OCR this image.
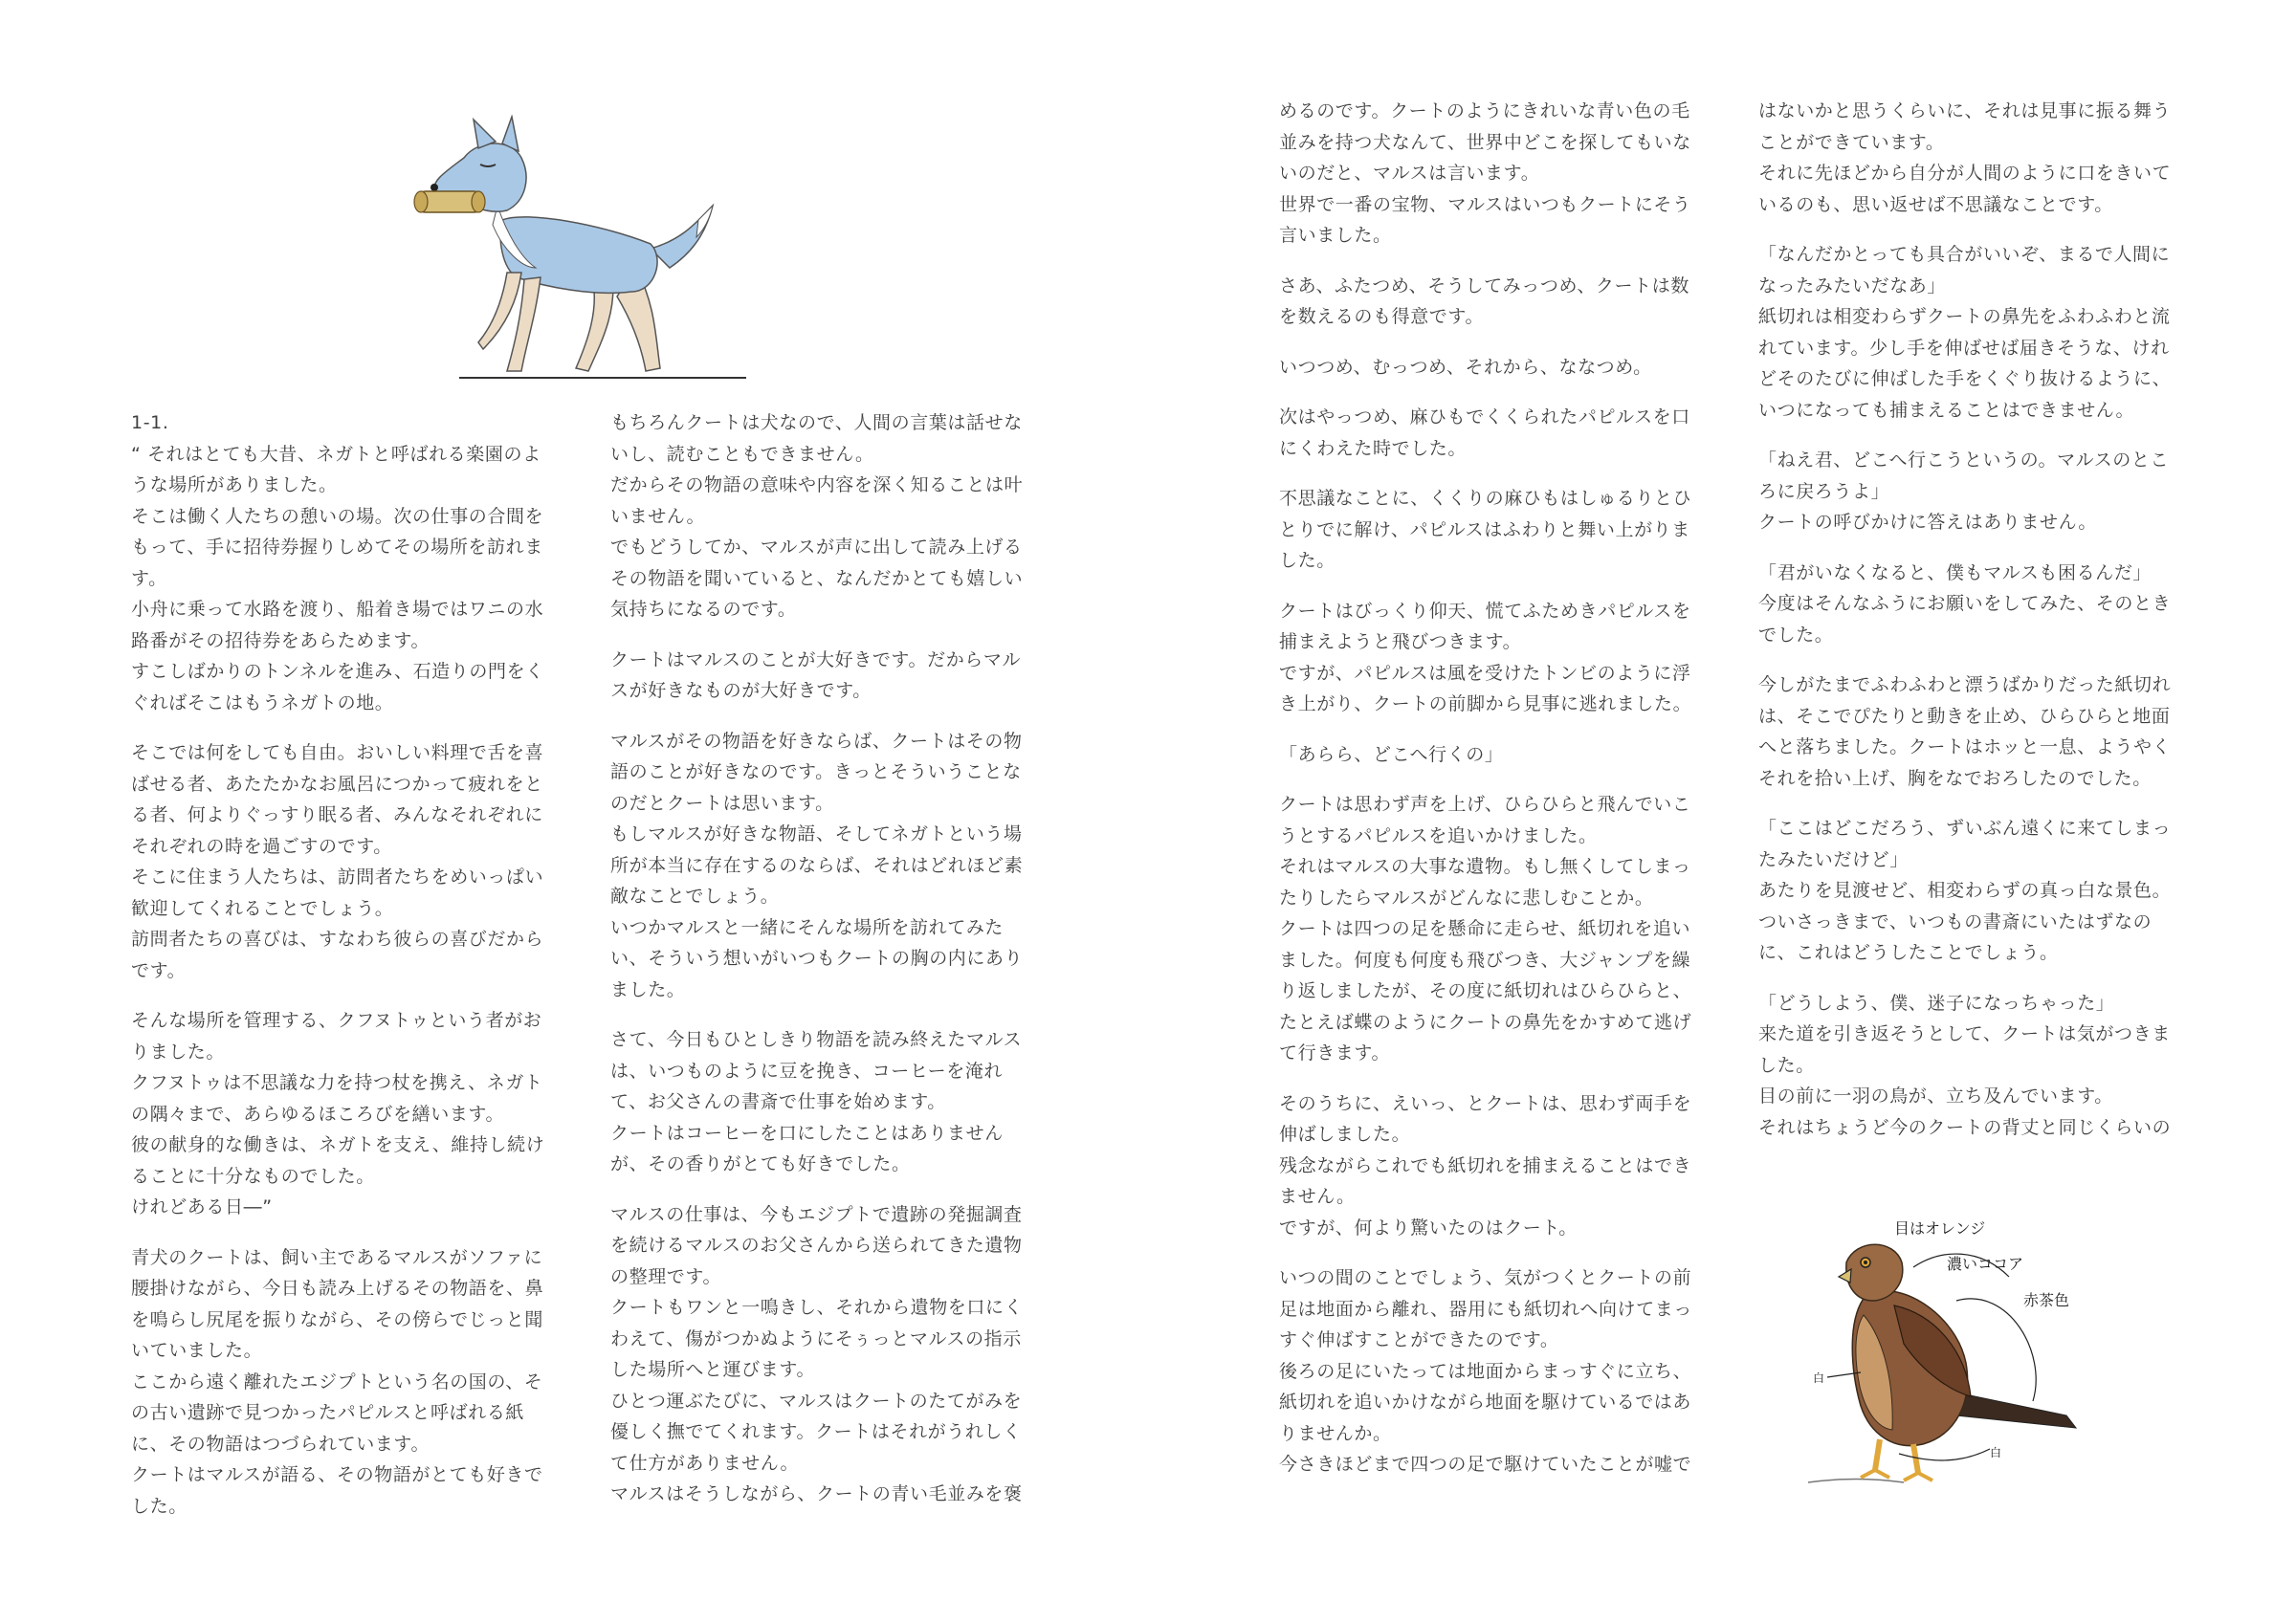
1-1.
“ それはとても大昔、ネガトと呼ばれる楽園のよ
うな場所がありました。
そこは働く人たちの憩いの場。次の仕事の合間を
もって、手に招待券握りしめてその場所を訪れま
す。
小舟に乗って水路を渡り、船着き場ではワニの水
路番がその招待券をあらためます。
すこしばかりのトンネルを進み、石造りの門をく
ぐればそこはもうネガトの地。
そこでは何をしても自由。おいしい料理で舌を喜
ばせる者、あたたかなお風呂につかって疲れをと
る者、何よりぐっすり眠る者、みんなそれぞれに
それぞれの時を過ごすのです。
そこに住まう人たちは、訪問者たちをめいっぱい
歓迎してくれることでしょう。
訪問者たちの喜びは、すなわち彼らの喜びだから
です。
そんな場所を管理する、クフヌトゥという者がお
りました。
クフヌトゥは不思議な力を持つ杖を携え、ネガト
の隅々まで、あらゆるほころびを繕います。
彼の献身的な働きは、ネガトを支え、維持し続け
ることに十分なものでした。
けれどある日―”
青犬のクートは、飼い主であるマルスがソファに
腰掛けながら、今日も読み上げるその物語を、鼻
を鳴らし尻尾を振りながら、その傍らでじっと聞
いていました。
ここから遠く離れたエジプトという名の国の、そ
の古い遺跡で見つかったパピルスと呼ばれる紙
に、その物語はつづられています。
クートはマルスが語る、その物語がとても好きで
した。
もちろんクートは犬なので、人間の言葉は話せな
いし、読むこともできません。
だからその物語の意味や内容を深く知ることは叶
いません。
でもどうしてか、マルスが声に出して読み上げる
その物語を聞いていると、なんだかとても嬉しい
気持ちになるのです。
クートはマルスのことが大好きです。だからマル
スが好きなものが大好きです。
マルスがその物語を好きならば、クートはその物
語のことが好きなのです。きっとそういうことな
のだとクートは思います。
もしマルスが好きな物語、そしてネガトという場
所が本当に存在するのならば、それはどれほど素
敵なことでしょう。
いつかマルスと一緒にそんな場所を訪れてみた
い、そういう想いがいつもクートの胸の内にあり
ました。
さて、今日もひとしきり物語を読み終えたマルス
は、いつものように豆を挽き、コーヒーを淹れ
て、お父さんの書斎で仕事を始めます。
クートはコーヒーを口にしたことはありません
が、その香りがとても好きでした。
マルスの仕事は、今もエジプトで遺跡の発掘調査
を続けるマルスのお父さんから送られてきた遺物
の整理です。
クートもワンと一鳴きし、それから遺物を口にく
わえて、傷がつかぬようにそぅっとマルスの指示
した場所へと運びます。
ひとつ運ぶたびに、マルスはクートのたてがみを
優しく撫でてくれます。クートはそれがうれしく
て仕方がありません。
マルスはそうしながら、クートの青い毛並みを褒
めるのです。クートのようにきれいな青い色の毛
並みを持つ犬なんて、世界中どこを探してもいな
いのだと、マルスは言います。
世界で一番の宝物、マルスはいつもクートにそう
言いました。
さあ、ふたつめ、そうしてみっつめ、クートは数
を数えるのも得意です。
いつつめ、むっつめ、それから、ななつめ。
次はやっつめ、麻ひもでくくられたパピルスを口
にくわえた時でした。
不思議なことに、くくりの麻ひもはしゅるりとひ
とりでに解け、パピルスはふわりと舞い上がりま
した。
クートはびっくり仰天、慌てふためきパピルスを
捕まえようと飛びつきます。
ですが、パピルスは風を受けたトンビのように浮
き上がり、クートの前脚から見事に逃れました。
「あらら、どこへ行くの」
クートは思わず声を上げ、ひらひらと飛んでいこ
うとするパピルスを追いかけました。
それはマルスの大事な遺物。もし無くしてしまっ
たりしたらマルスがどんなに悲しむことか。
クートは四つの足を懸命に走らせ、紙切れを追い
ました。何度も何度も飛びつき、大ジャンプを繰
り返しましたが、その度に紙切れはひらひらと、
たとえば蝶のようにクートの鼻先をかすめて逃げ
て行きます。
そのうちに、えいっ、とクートは、思わず両手を
伸ばしました。
残念ながらこれでも紙切れを捕まえることはでき
ません。
ですが、何より驚いたのはクート。
いつの間のことでしょう、気がつくとクートの前
足は地面から離れ、器用にも紙切れへ向けてまっ
すぐ伸ばすことができたのです。
後ろの足にいたっては地面からまっすぐに立ち、
紙切れを追いかけながら地面を駆けているではあ
りませんか。
今さきほどまで四つの足で駆けていたことが嘘で
はないかと思うくらいに、それは見事に振る舞う
ことができています。
それに先ほどから自分が人間のように口をきいて
いるのも、思い返せば不思議なことです。
「なんだかとっても具合がいいぞ、まるで人間に
なったみたいだなあ」
紙切れは相変わらずクートの鼻先をふわふわと流
れています。少し手を伸ばせば届きそうな、けれ
どそのたびに伸ばした手をくぐり抜けるように、
いつになっても捕まえることはできません。
「ねえ君、どこへ行こうというの。マルスのとこ
ろに戻ろうよ」
クートの呼びかけに答えはありません。
「君がいなくなると、僕もマルスも困るんだ」
今度はそんなふうにお願いをしてみた、そのとき
でした。
今しがたまでふわふわと漂うばかりだった紙切れ
は、そこでぴたりと動きを止め、ひらひらと地面
へと落ちました。クートはホッと一息、ようやく
それを拾い上げ、胸をなでおろしたのでした。
「ここはどこだろう、ずいぶん遠くに来てしまっ
たみたいだけど」
あたりを見渡せど、相変わらずの真っ白な景色。
ついさっきまで、いつもの書斎にいたはずなの
に、これはどうしたことでしょう。
「どうしよう、僕、迷子になっちゃった」
来た道を引き返そうとして、クートは気がつきま
した。
目の前に一羽の鳥が、立ち及んでいます。
それはちょうど今のクートの背丈と同じくらいの
目はオレンジ
濃いココア
赤茶色
白
白
